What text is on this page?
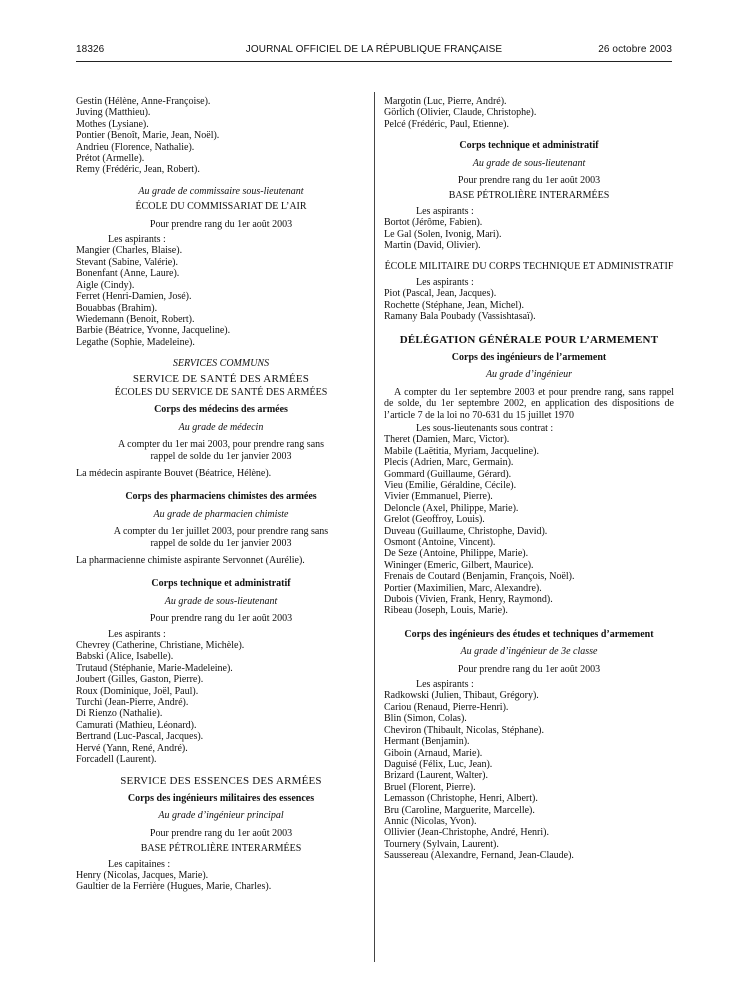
18326	JOURNAL OFFICIEL DE LA RÉPUBLIQUE FRANÇAISE	26 octobre 2003
Gestin (Hélène, Anne-Françoise).
Juving (Matthieu).
Mothes (Lysiane).
Pontier (Benoît, Marie, Jean, Noël).
Andrieu (Florence, Nathalie).
Prétot (Armelle).
Remy (Frédéric, Jean, Robert).
Au grade de commissaire sous-lieutenant
ÉCOLE DU COMMISSARIAT DE L’AIR
Pour prendre rang du 1er août 2003
Les aspirants :
Mangier (Charles, Blaise).
Stevant (Sabine, Valérie).
Bonenfant (Anne, Laure).
Aigle (Cindy).
Ferret (Henri-Damien, José).
Bouabbas (Brahim).
Wiedemann (Benoit, Robert).
Barbie (Béatrice, Yvonne, Jacqueline).
Legathe (Sophie, Madeleine).
SERVICES COMMUNS
SERVICE DE SANTÉ DES ARMÉES
ÉCOLES DU SERVICE DE SANTÉ DES ARMÉES
Corps des médecins des armées
Au grade de médecin
A compter du 1er mai 2003, pour prendre rang sans rappel de solde du 1er janvier 2003
La médecin aspirante Bouvet (Béatrice, Hélène).
Corps des pharmaciens chimistes des armées
Au grade de pharmacien chimiste
A compter du 1er juillet 2003, pour prendre rang sans rappel de solde du 1er janvier 2003
La pharmacienne chimiste aspirante Servonnet (Aurélie).
Corps technique et administratif
Au grade de sous-lieutenant
Pour prendre rang du 1er août 2003
Les aspirants :
Chevrey (Catherine, Christiane, Michèle).
Babski (Alice, Isabelle).
Trutaud (Stéphanie, Marie-Madeleine).
Joubert (Gilles, Gaston, Pierre).
Roux (Dominique, Joël, Paul).
Turchi (Jean-Pierre, André).
Di Rienzo (Nathalie).
Camurati (Mathieu, Léonard).
Bertrand (Luc-Pascal, Jacques).
Hervé (Yann, René, André).
Forcadell (Laurent).
SERVICE DES ESSENCES DES ARMÉES
Corps des ingénieurs militaires des essences
Au grade d’ingénieur principal
Pour prendre rang du 1er août 2003
BASE PÉTROLIÈRE INTERARMÉES
Les capitaines :
Henry (Nicolas, Jacques, Marie).
Gaultier de la Ferrière (Hugues, Marie, Charles).
Margotin (Luc, Pierre, André).
Görlich (Olivier, Claude, Christophe).
Pelcé (Frédéric, Paul, Etienne).
Corps technique et administratif
Au grade de sous-lieutenant
Pour prendre rang du 1er août 2003
BASE PÉTROLIÈRE INTERARMÉES
Les aspirants :
Bortot (Jérôme, Fabien).
Le Gal (Solen, Ivonig, Mari).
Martin (David, Olivier).
ÉCOLE MILITAIRE DU CORPS TECHNIQUE ET ADMINISTRATIF
Les aspirants :
Piot (Pascal, Jean, Jacques).
Rochette (Stéphane, Jean, Michel).
Ramany Bala Poubady (Vassishtasaï).
DÉLÉGATION GÉNÉRALE POUR L’ARMEMENT
Corps des ingénieurs de l’armement
Au grade d’ingénieur
A compter du 1er septembre 2003 et pour prendre rang, sans rappel de solde, du 1er septembre 2002, en application des dispositions de l’article 7 de la loi no 70-631 du 15 juillet 1970
Les sous-lieutenants sous contrat :
Theret (Damien, Marc, Victor).
Mabile (Laëtitia, Myriam, Jacqueline).
Plecis (Adrien, Marc, Germain).
Gommard (Guillaume, Gérard).
Vieu (Emilie, Géraldine, Cécile).
Vivier (Emmanuel, Pierre).
Deloncle (Axel, Philippe, Marie).
Grelot (Geoffroy, Louis).
Duveau (Guillaume, Christophe, David).
Osmont (Antoine, Vincent).
De Seze (Antoine, Philippe, Marie).
Wininger (Emeric, Gilbert, Maurice).
Frenais de Coutard (Benjamin, François, Noël).
Portier (Maximilien, Marc, Alexandre).
Dubois (Vivien, Frank, Henry, Raymond).
Ribeau (Joseph, Louis, Marie).
Corps des ingénieurs des études et techniques d’armement
Au grade d’ingénieur de 3e classe
Pour prendre rang du 1er août 2003
Les aspirants :
Radkowski (Julien, Thibaut, Grégory).
Cariou (Renaud, Pierre-Henri).
Blin (Simon, Colas).
Cheviron (Thibault, Nicolas, Stéphane).
Hermant (Benjamin).
Giboin (Arnaud, Marie).
Daguisé (Félix, Luc, Jean).
Brizard (Laurent, Walter).
Bruel (Florent, Pierre).
Lemasson (Christophe, Henri, Albert).
Bru (Caroline, Marguerite, Marcelle).
Annic (Nicolas, Yvon).
Ollivier (Jean-Christophe, André, Henri).
Tournery (Sylvain, Laurent).
Saussereau (Alexandre, Fernand, Jean-Claude).
